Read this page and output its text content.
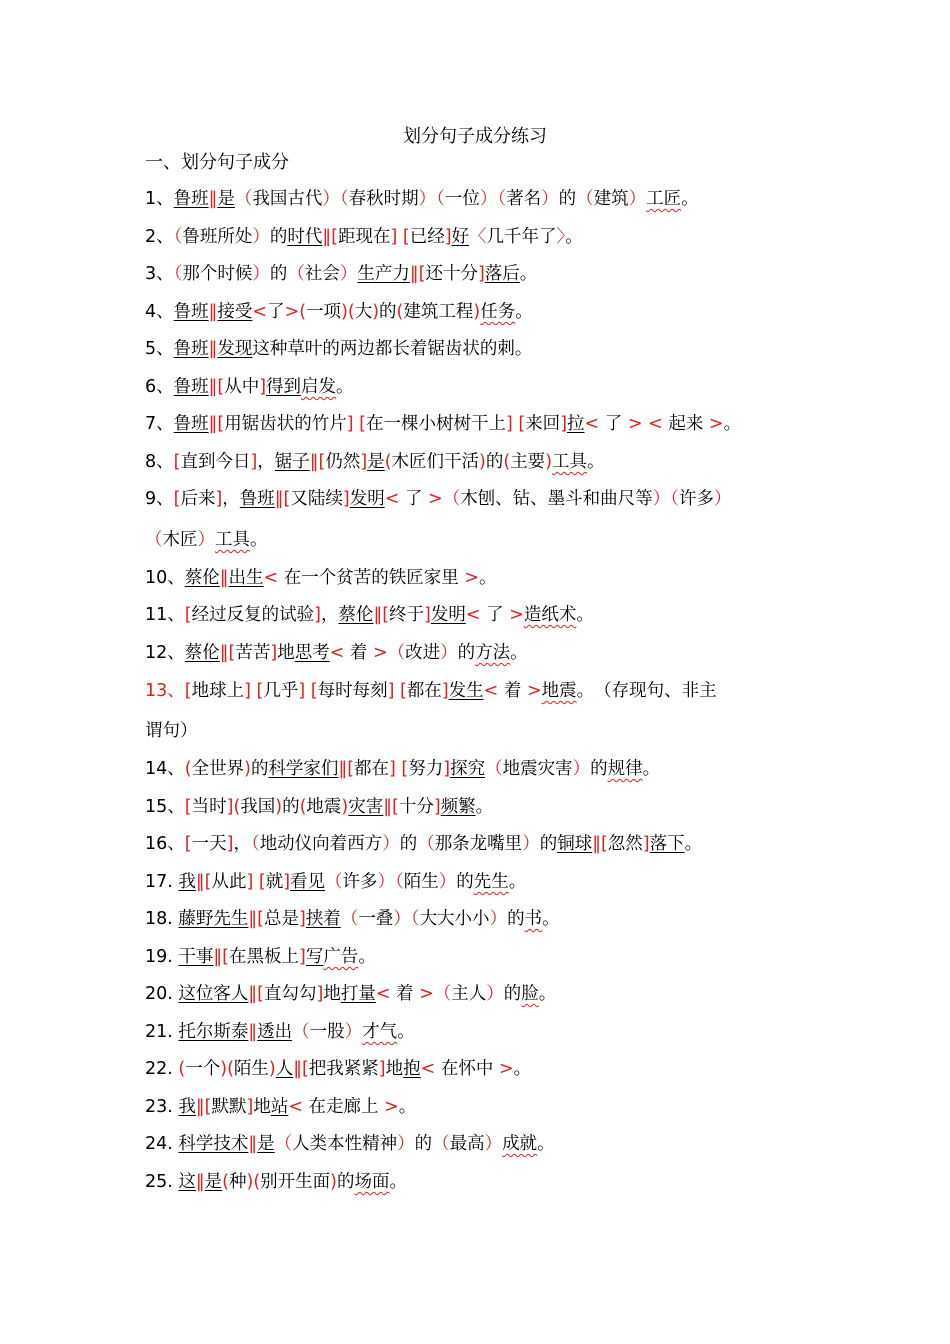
划分句子成分练习
一、划分句子成分
1、鲁班‖是（我国古代）（春秋时期）（一位）（著名）的（建筑）工匠。
2、（鲁班所处）的时代‖[距现在] [已经]好〈几千年了〉。
3、（那个时候）的（社会）生产力‖[还十分]落后。
4、鲁班‖接受<了>(一项)(大)的(建筑工程)任务。
5、鲁班‖发现这种草叶的两边都长着锯齿状的刺。
6、鲁班‖[从中]得到启发。
7、鲁班‖[用锯齿状的竹片] [在一棵小树树干上] [来回]拉< 了 > < 起来 >。
8、[直到今日]，锯子‖[仍然]是(木匠们干活)的(主要)工具。
9、[后来]，鲁班‖[又陆续]发明< 了 >（木刨、钻、墨斗和曲尺等）（许多）
（木匠）工具。
10、蔡伦‖出生< 在一个贫苦的铁匠家里 >。
11、[经过反复的试验]，蔡伦‖[终于]发明< 了 >造纸术。
12、蔡伦‖[苦苦]地思考< 着 >（改进）的方法。
13、[地球上] [几乎] [每时每刻] [都在]发生< 着 >地震。　（存现句、非主
谓句）
14、(全世界)的科学家们‖[都在] [努力]探究（地震灾害）的规律。
15、[当时](我国)的(地震)灾害‖[十分]频繁。
16、[一天]，（地动仪向着西方）的（那条龙嘴里）的铜球‖[忽然]落下。
17. 我‖[从此] [就]看见（许多）（陌生）的先生。
18. 藤野先生‖[总是]挟着（一叠）（大大小小）的书。
19. 干事‖[在黑板上]写广告。
20. 这位客人‖[直勾勾]地打量< 着 >（主人）的脸。
21. 托尔斯泰‖透出（一股）才气。
22. (一个)(陌生)人‖[把我紧紧]地抱< 在怀中 >。
23. 我‖[默默]地站< 在走廊上 >。
24. 科学技术‖是（人类本性精神）的（最高）成就。
25. 这‖是(种)(别开生面)的场面。
